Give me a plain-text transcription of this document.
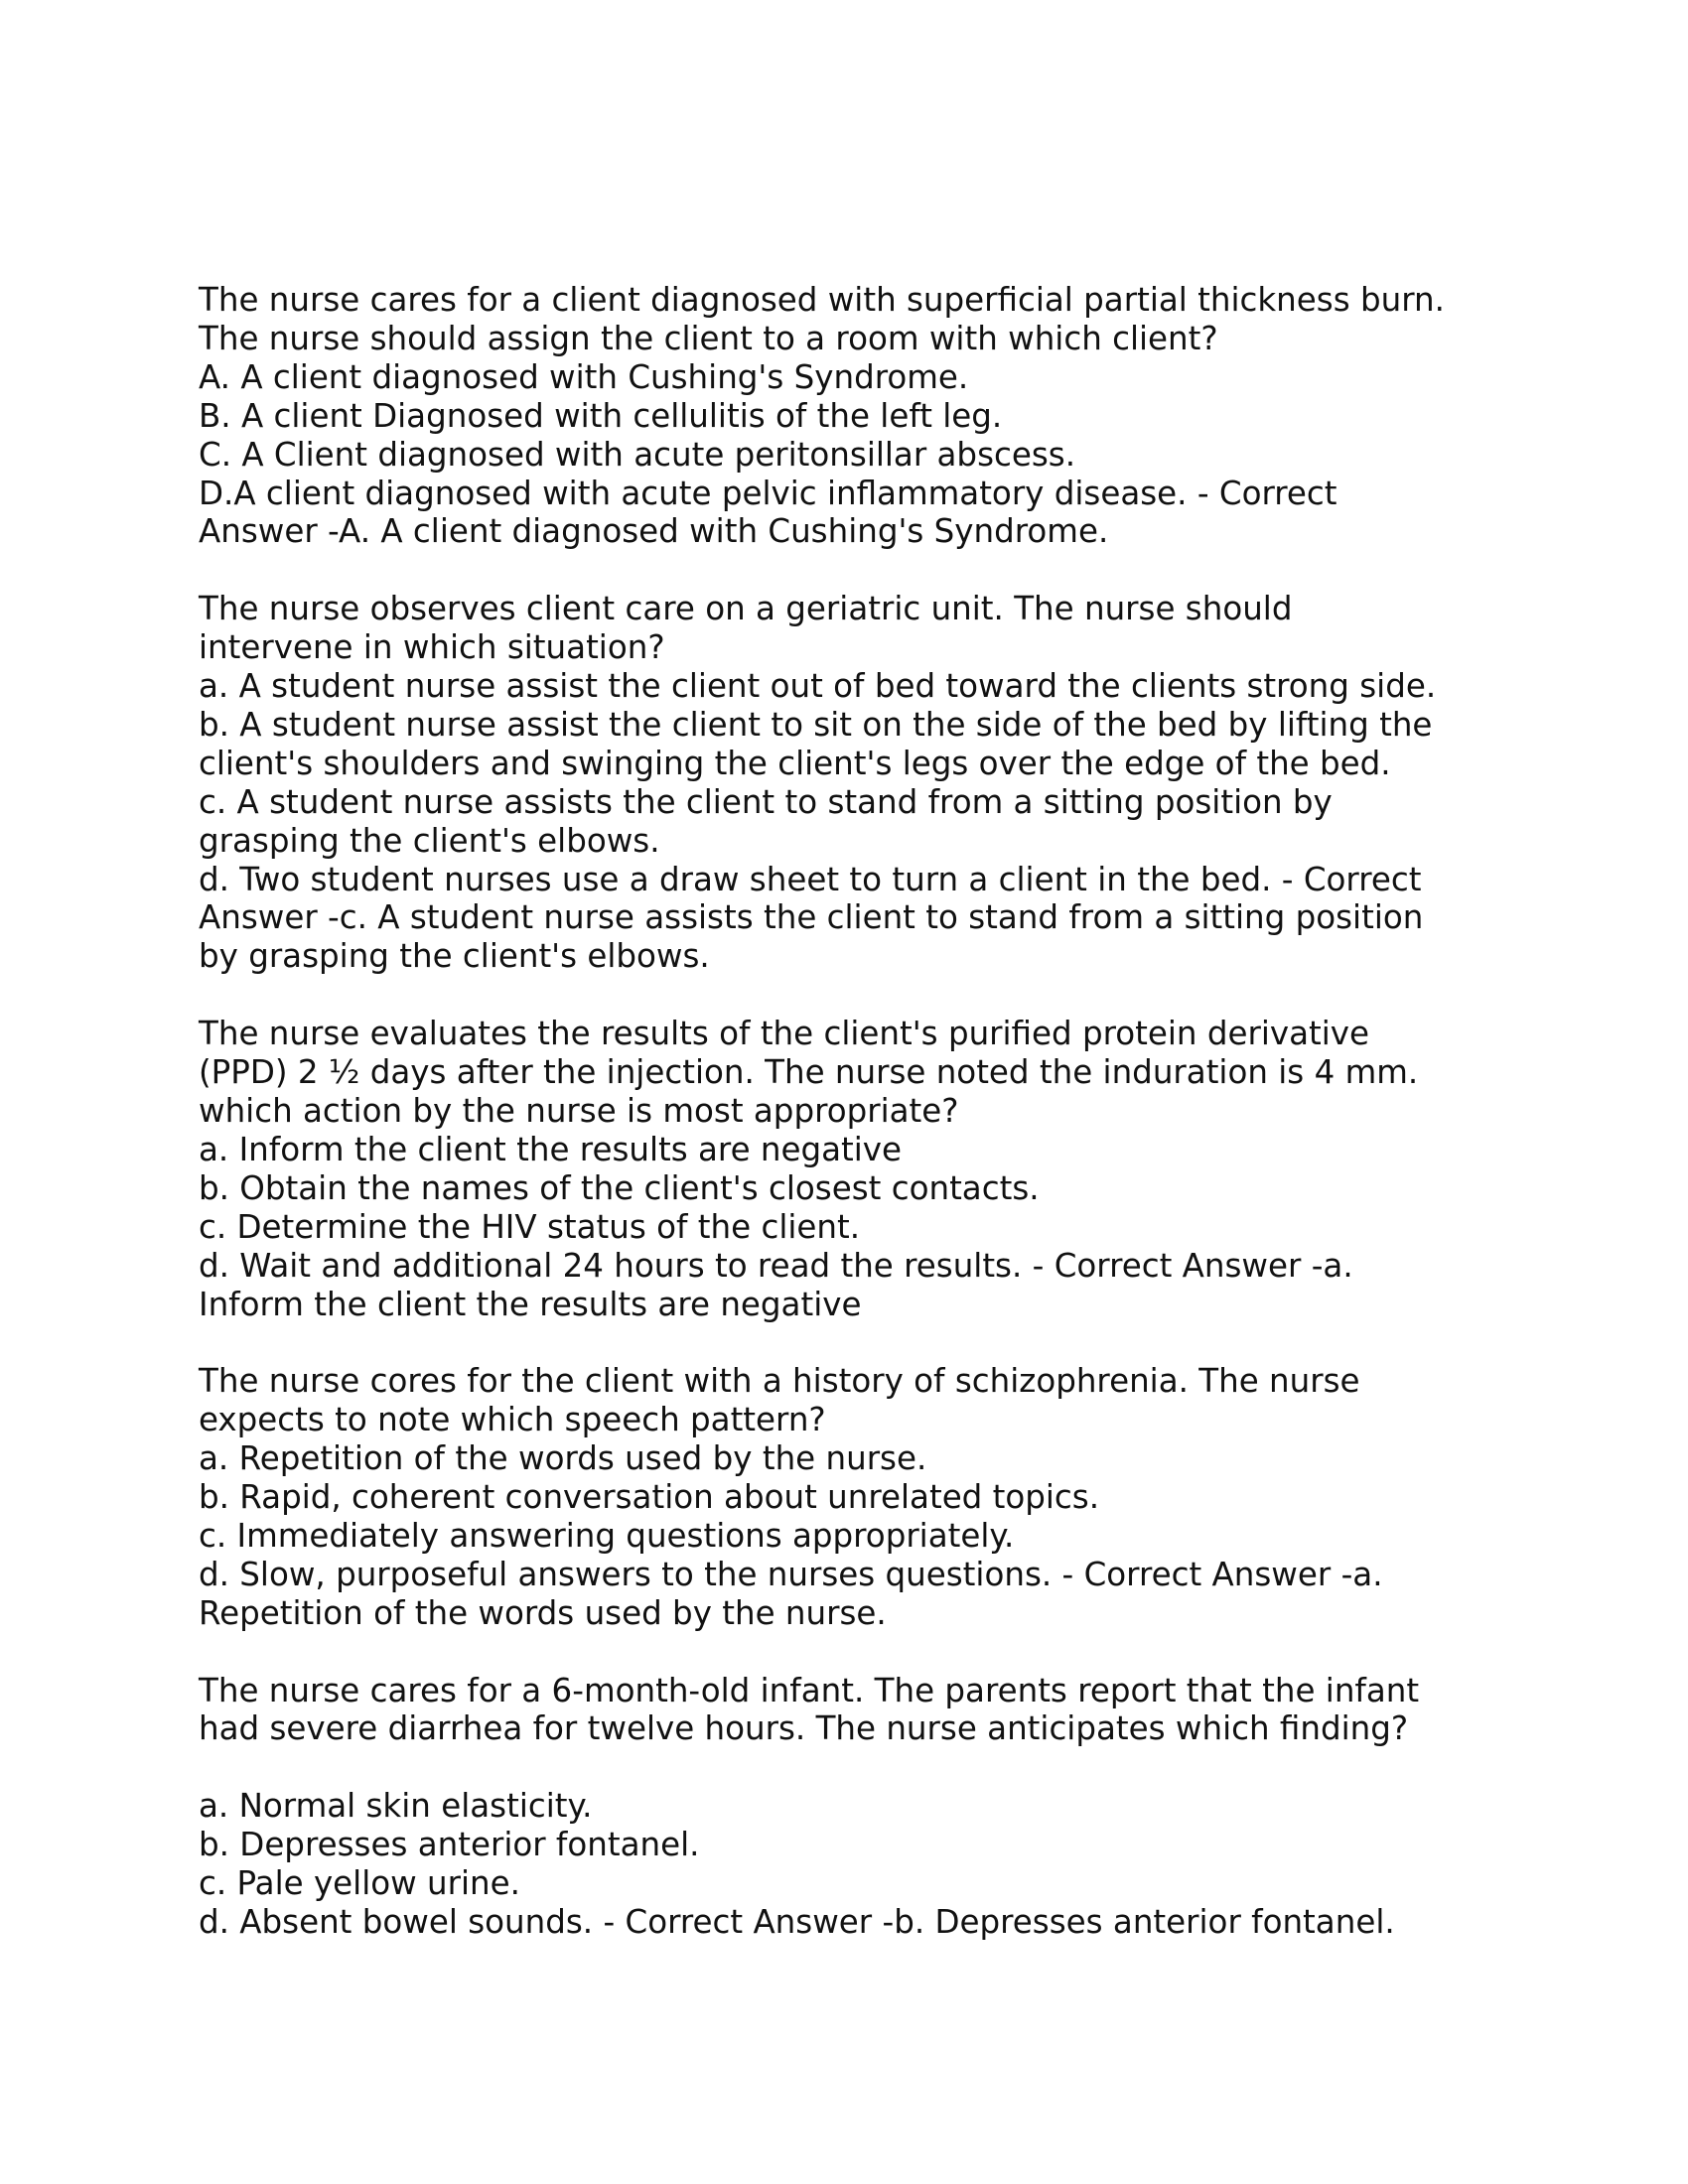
The nurse cares for a client diagnosed with superficial partial thickness burn.
The nurse should assign the client to a room with which client?
A. A client diagnosed with Cushing's Syndrome.
B. A client Diagnosed with cellulitis of the left leg.
C. A Client diagnosed with acute peritonsillar abscess.
D.A client diagnosed with acute pelvic inflammatory disease. - Correct
Answer -A. A client diagnosed with Cushing's Syndrome.
The nurse observes client care on a geriatric unit. The nurse should
intervene in which situation?
a. A student nurse assist the client out of bed toward the clients strong side.
b. A student nurse assist the client to sit on the side of the bed by lifting the
client's shoulders and swinging the client's legs over the edge of the bed.
c. A student nurse assists the client to stand from a sitting position by
grasping the client's elbows.
d. Two student nurses use a draw sheet to turn a client in the bed. - Correct
Answer -c. A student nurse assists the client to stand from a sitting position
by grasping the client's elbows.
The nurse evaluates the results of the client's purified protein derivative
(PPD) 2 ½ days after the injection. The nurse noted the induration is 4 mm.
which action by the nurse is most appropriate?
a. Inform the client the results are negative
b. Obtain the names of the client's closest contacts.
c. Determine the HIV status of the client.
d. Wait and additional 24 hours to read the results. - Correct Answer -a.
Inform the client the results are negative
The nurse cores for the client with a history of schizophrenia. The nurse
expects to note which speech pattern?
a. Repetition of the words used by the nurse.
b. Rapid, coherent conversation about unrelated topics.
c. Immediately answering questions appropriately.
d. Slow, purposeful answers to the nurses questions. - Correct Answer -a.
Repetition of the words used by the nurse.
The nurse cares for a 6-month-old infant. The parents report that the infant
had severe diarrhea for twelve hours. The nurse anticipates which finding?
a. Normal skin elasticity.
b. Depresses anterior fontanel.
c. Pale yellow urine.
d. Absent bowel sounds. - Correct Answer -b. Depresses anterior fontanel.
